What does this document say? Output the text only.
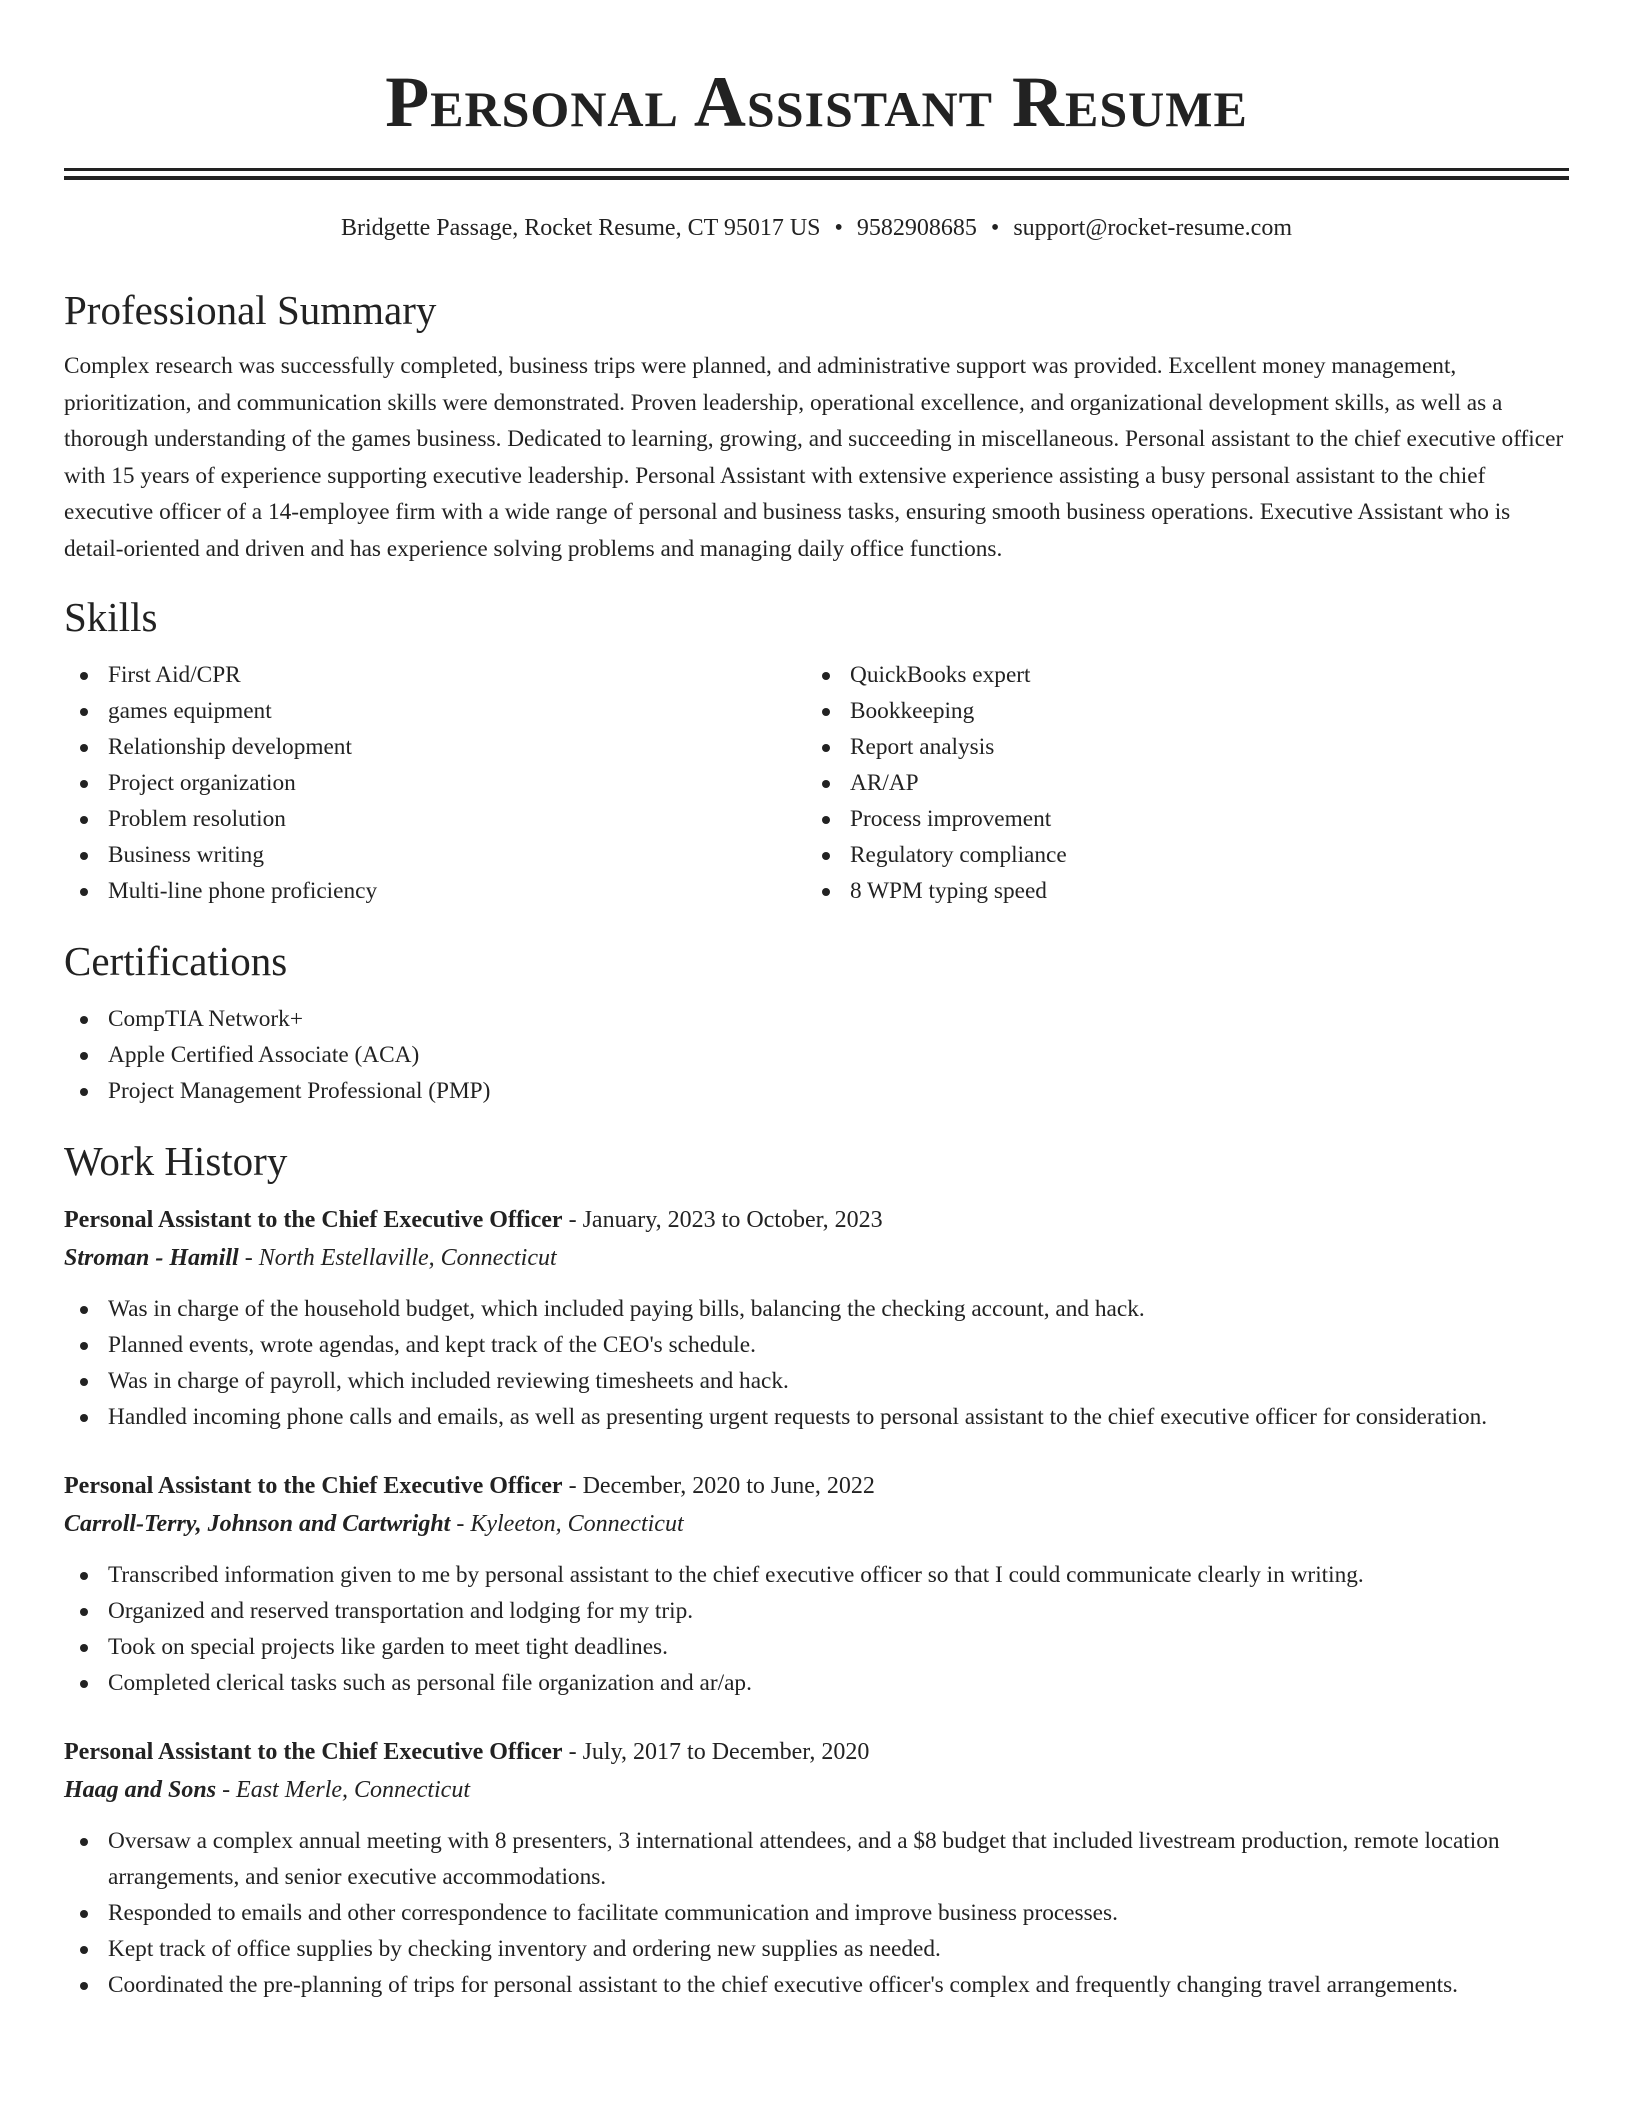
Personal Assistant Resume
Bridgette Passage, Rocket Resume, CT 95017 US • 9582908685 • support@rocket-resume.com
Professional Summary

Complex research was successfully completed, business trips were planned, and administrative support was provided. Excellent money management, prioritization, and communication skills were demonstrated. Proven leadership, operational excellence, and organizational development skills, as well as a thorough understanding of the games business. Dedicated to learning, growing, and succeeding in miscellaneous. Personal assistant to the chief executive officer with 15 years of experience supporting executive leadership. Personal Assistant with extensive experience assisting a busy personal assistant to the chief executive officer of a 14-employee firm with a wide range of personal and business tasks, ensuring smooth business operations. Executive Assistant who is detail-oriented and driven and has experience solving problems and managing daily office functions.

Skills
First Aid/CPR
games equipment
Relationship development
Project organization
Problem resolution
Business writing
Multi-line phone proficiency
QuickBooks expert
Bookkeeping
Report analysis
AR/AP
Process improvement
Regulatory compliance
8 WPM typing speed
Certifications
CompTIA Network+
Apple Certified Associate (ACA)
Project Management Professional (PMP)
Work History
Personal Assistant to the Chief Executive Officer - January, 2023 to October, 2023
Stroman - Hamill - North Estellaville, Connecticut
Was in charge of the household budget, which included paying bills, balancing the checking account, and hack.
Planned events, wrote agendas, and kept track of the CEO's schedule.
Was in charge of payroll, which included reviewing timesheets and hack.
Handled incoming phone calls and emails, as well as presenting urgent requests to personal assistant to the chief executive officer for consideration.
Personal Assistant to the Chief Executive Officer - December, 2020 to June, 2022
Carroll-Terry, Johnson and Cartwright - Kyleeton, Connecticut
Transcribed information given to me by personal assistant to the chief executive officer so that I could communicate clearly in writing.
Organized and reserved transportation and lodging for my trip.
Took on special projects like garden to meet tight deadlines.
Completed clerical tasks such as personal file organization and ar/ap.
Personal Assistant to the Chief Executive Officer - July, 2017 to December, 2020
Haag and Sons - East Merle, Connecticut
Oversaw a complex annual meeting with 8 presenters, 3 international attendees, and a $8 budget that included livestream production, remote location arrangements, and senior executive accommodations.
Responded to emails and other correspondence to facilitate communication and improve business processes.
Kept track of office supplies by checking inventory and ordering new supplies as needed.
Coordinated the pre-planning of trips for personal assistant to the chief executive officer's complex and frequently changing travel arrangements.
